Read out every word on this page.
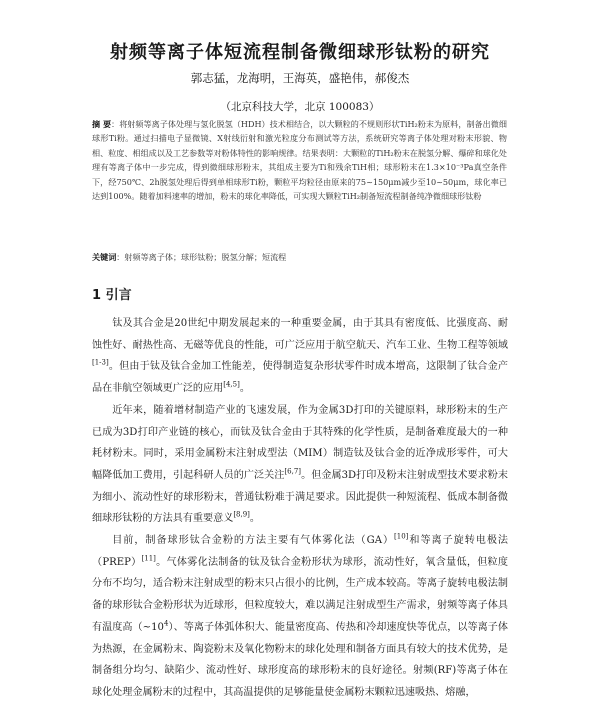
射频等离子体短流程制备微细球形钛粉的研究
郭志猛，龙海明，王海英，盛艳伟，郝俊杰
（北京科技大学，北京 100083）
摘 要：将射频等离子体处理与氢化脱氢（HDH）技术相结合，以大颗粒的不规则形状TiH₂粉末为原料，制备出微细球形Ti粉。通过扫描电子显微镜、X射线衍射和激光粒度分布测试等方法，系统研究等离子体处理对粉末形貌、物相、粒度、相组成以及工艺参数等对粉体特性的影响规律。结果表明：大颗粒的TiH₂粉末在脱氢分解、爆碎和球化处理有等离子体中一步完成，得到微细球形粉末，其组成主要为Ti和残余TiH相；球形粉末在1.3×10⁻³Pa真空条件下，经750℃、2h脱氢处理后得到单相球形Ti粉，颗粒平均粒径由原来的75~150μm减少至10~50μm，球化率已达到100%。随着加料速率的增加，粉末的球化率降低，可实现大颗粒TiH₂制备短流程制备纯净微细球形钛粉
关键词：射频等离子体；球形钛粉；脱氢分解；短流程
1 引言

钛及其合金是20世纪中期发展起来的一种重要金属，由于其具有密度低、比强度高、耐蚀性好、耐热性高、无磁等优良的性能，可广泛应用于航空航天、汽车工业、生物工程等领域[1-3]。但由于钛及钛合金加工性能差，使得制造复杂形状零件时成本增高，这限制了钛合金产品在非航空领域更广泛的应用[4,5]。

近年来，随着增材制造产业的飞速发展，作为金属3D打印的关键原料，球形粉末的生产已成为3D打印产业链的核心，而钛及钛合金由于其特殊的化学性质，是制备难度最大的一种耗材粉末。同时，采用金属粉末注射成型法（MIM）制造钛及钛合金的近净成形零件，可大幅降低加工费用，引起科研人员的广泛关注[6,7]。但金属3D打印及粉末注射成型技术要求粉末为细小、流动性好的球形粉末，普通钛粉难于满足要求。因此提供一种短流程、低成本制备微细球形钛粉的方法具有重要意义[8,9]。

目前，制备球形钛合金粉的方法主要有气体雾化法（GA）[10]和等离子旋转电极法（PREP）[11]。气体雾化法制备的钛及钛合金粉形状为球形，流动性好，氧含量低，但粒度分布不均匀，适合粉末注射成型的粉末只占很小的比例，生产成本较高。等离子旋转电极法制备的球形钛合金粉形状为近球形，但粒度较大，难以满足注射成型生产需求，射频等离子体具有温度高$(\sim 10^4)$、等离子体弧体积大、能量密度高、传热和冷却速度快等优点，以等离子体为热源，在金属粉末、陶瓷粉末及氧化物粉末的球化处理和制备方面具有较大的技术优势，是制备组分均匀、缺陷少、流动性好、球形度高的球形粉末的良好途径。射频(RF)等离子体在球化处理金属粉末的过程中，其高温提供的足够能量使金属粉末颗粒迅速吸热、熔融，
